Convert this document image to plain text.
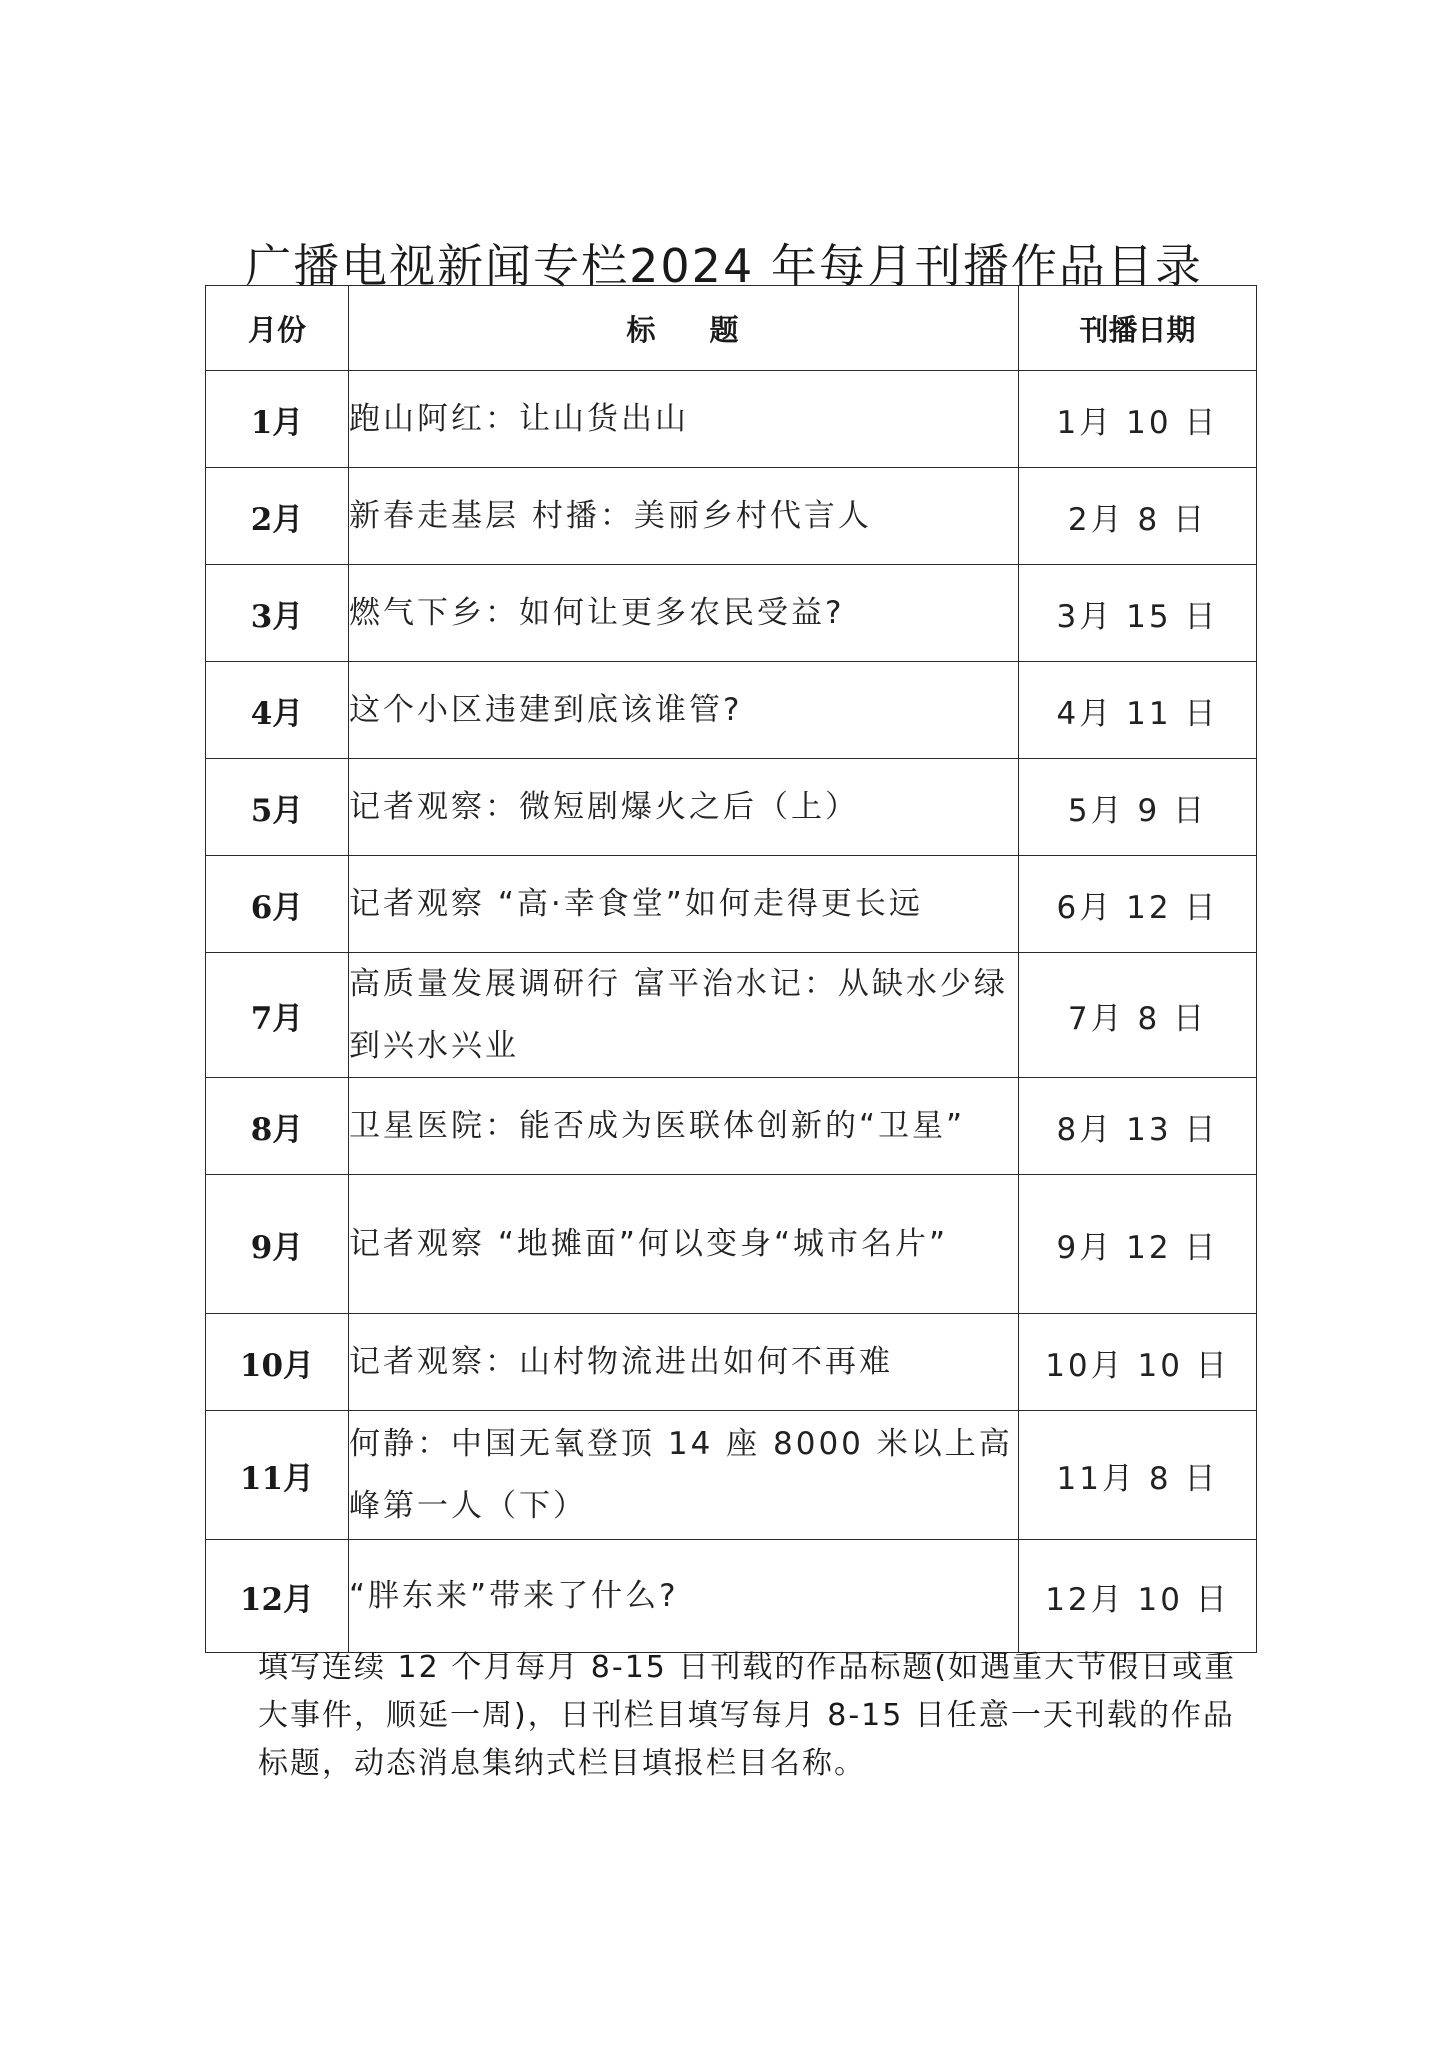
广播电视新闻专栏2024 年每月刊播作品目录
月份	标 题	刊播日期
1月	跑山阿红：让山货出山	1月 10 日
2月	新春走基层 村播：美丽乡村代言人	2月 8 日
3月	燃气下乡：如何让更多农民受益?	3月 15 日
4月	这个小区违建到底该谁管?	4月 11 日
5月	记者观察：微短剧爆火之后（上）	5月 9 日
6月	记者观察 “高·幸食堂”如何走得更长远	6月 12 日
7月	高质量发展调研行 富平治水记：从缺水少绿到兴水兴业	7月 8 日
8月	卫星医院：能否成为医联体创新的“卫星”	8月 13 日
9月	记者观察 “地摊面”何以变身“城市名片”	9月 12 日
10月	记者观察：山村物流进出如何不再难	10月 10 日
11月	何静：中国无氧登顶 14 座 8000 米以上高峰第一人（下）	11月 8 日
12月	“胖东来”带来了什么?	12月 10 日
填写连续 12 个月每月 8-15 日刊载的作品标题(如遇重大节假日或重大事件，顺延一周)，日刊栏目填写每月 8-15 日任意一天刊载的作品标题，动态消息集纳式栏目填报栏目名称。
